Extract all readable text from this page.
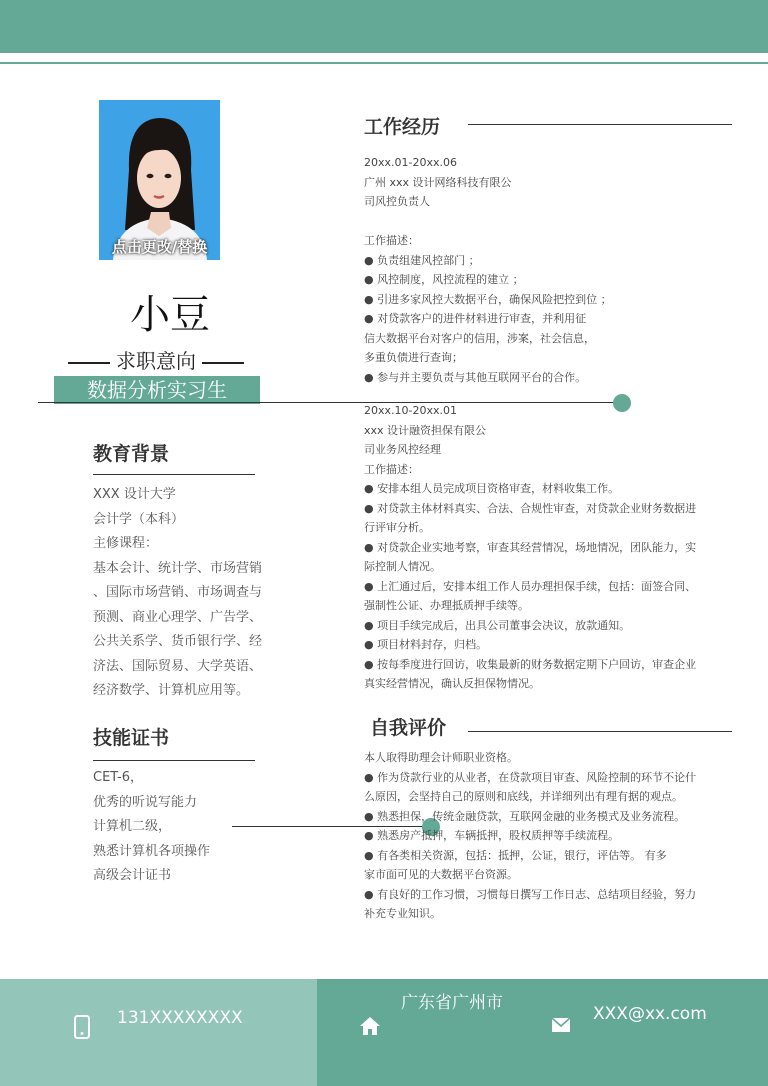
点击更改/替换
小豆
求职意向
数据分析实习生
教育背景
XXX 设计大学
会计学（本科）
主修课程：
基本会计、统计学、市场营销
、国际市场营销、市场调查与
预测、商业心理学、广告学、
公共关系学、货币银行学、经
济法、国际贸易、大学英语、
经济数学、计算机应用等。
技能证书
CET-6，
优秀的听说写能力
计算机二级，
熟悉计算机各项操作
高级会计证书
工作经历
20xx.01-20xx.06
广州 xxx 设计网络科技有限公
司风控负责人
工作描述：
● 负责组建风控部门 ；
● 风控制度，风控流程的建立 ；
● 引进多家风控大数据平台，确保风险把控到位 ；
● 对贷款客户的进件材料进行审查，并利用征
信大数据平台对客户的信用，涉案，社会信息，
多重负债进行查询；
● 参与并主要负责与其他互联网平台的合作。
20xx.10-20xx.01
xxx 设计融资担保有限公
司业务风控经理
工作描述：
● 安排本组人员完成项目资格审查，材料收集工作。
● 对贷款主体材料真实、合法、合规性审查，对贷款企业财务数据进
行评审分析。
● 对贷款企业实地考察，审查其经营情况，场地情况，团队能力，实
际控制人情况。
● 上汇通过后，安排本组工作人员办理担保手续，包括：面签合同、
强制性公证、办理抵质押手续等。
● 项目手续完成后，出具公司董事会决议，放款通知。
● 项目材料封存，归档。
● 按每季度进行回访，收集最新的财务数据定期下户回访，审查企业
真实经营情况，确认反担保物情况。
自我评价
本人取得助理会计师职业资格。
● 作为贷款行业的从业者，在贷款项目审查、风险控制的环节不论什
么原因，会坚持自己的原则和底线，并详细列出有理有据的观点。
● 熟悉担保，传统金融贷款，互联网金融的业务模式及业务流程。
● 熟悉房产抵押，车辆抵押，股权质押等手续流程。
● 有各类相关资源，包括：抵押，公证，银行，评估等。 有多
家市面可见的大数据平台资源。
● 有良好的工作习惯，习惯每日撰写工作日志、总结项目经验，努力
补充专业知识。
131XXXXXXXX
广东省广州市
XXX@xx.com
